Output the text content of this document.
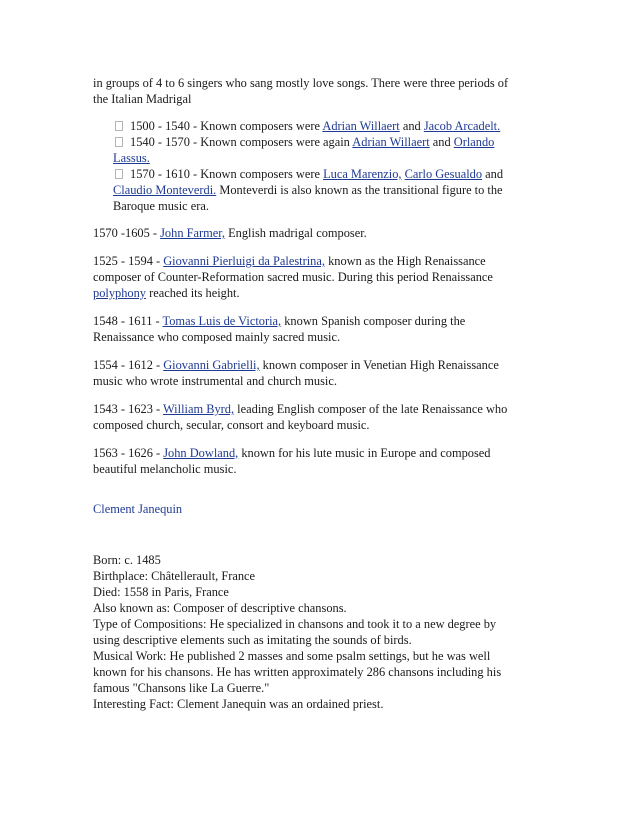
in groups of 4 to 6 singers who sang mostly love songs. There were three periods of the Italian Madrigal

1500 - 1540 - Known composers were Adrian Willaert and Jacob Arcadelt.

1540 - 1570 - Known composers were again Adrian Willaert and Orlando Lassus.

1570 - 1610 - Known composers were Luca Marenzio, Carlo Gesualdo and Claudio Monteverdi. Monteverdi is also known as the transitional figure to the Baroque music era.

1570 -1605 - John Farmer, English madrigal composer.

1525 - 1594 - Giovanni Pierluigi da Palestrina, known as the High Renaissance composer of Counter-Reformation sacred music. During this period Renaissance polyphony reached its height.

1548 - 1611 - Tomas Luis de Victoria, known Spanish composer during the Renaissance who composed mainly sacred music.

1554 - 1612 - Giovanni Gabrielli, known composer in Venetian High Renaissance music who wrote instrumental and church music.

1543 - 1623 - William Byrd, leading English composer of the late Renaissance who composed church, secular, consort and keyboard music.

1563 - 1626 - John Dowland, known for his lute music in Europe and composed beautiful melancholic music.

Clement Janequin

Born: c. 1485

Birthplace: Châtellerault, France

Died: 1558 in Paris, France

Also known as: Composer of descriptive chansons.

Type of Compositions: He specialized in chansons and took it to a new degree by using descriptive elements such as imitating the sounds of birds.

Musical Work: He published 2 masses and some psalm settings, but he was well known for his chansons. He has written approximately 286 chansons including his famous "Chansons like La Guerre."

Interesting Fact: Clement Janequin was an ordained priest.
